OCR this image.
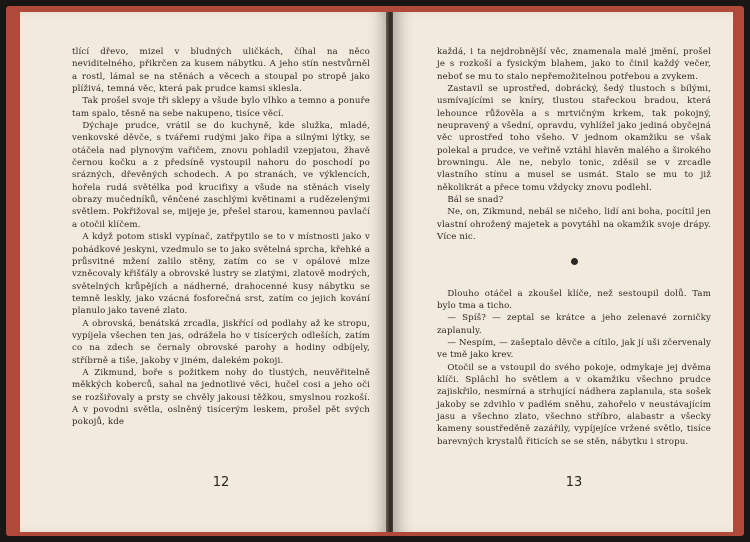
tlící dřevo, mizel v bludných uličkách, číhal na něco neviditelného, přikrčen za kusem nábytku. A jeho stín nestvůrněl a rostl, lámal se na stěnách a věcech a stoupal po stropě jako plíživá, temná věc, která pak prudce kamsi sklesla.

Tak prošel svoje tři sklepy a všude bylo vlhko a temno a ponuře tam spalo, těsně na sebe nakupeno, tisíce věcí.

Dýchaje prudce, vrátil se do kuchyně, kde služka, mladé, venkovské děvče, s tvářemi rudými jako řípa a silnými lýtky, se otáčela nad plynovým vařičem, znovu pohladil vzepjatou, žhavě černou kočku a z předsíně vystoupil nahoru do poschodí po srázných, dřevěných schodech. A po stranách, ve výklencích, hořela rudá světélka pod krucifixy a všude na stěnách visely obrazy mučedníků, věnčené zaschlými květinami a rudězelenými světlem. Pokřižoval se, mijeje je, přešel starou, kamennou pavlačí a otočil klíčem.

A když potom stiskl vypínač, zatřpytilo se to v místnosti jako v pohádkové jeskyni, vzedmulo se to jako světelná sprcha, křehké a průsvitné mžení zalilo stěny, zatím co se v opálové mlze vzněcovaly křišťály a obrovské lustry se zlatými, zlatově modrých, světelných krůpějích a nádherné, drahocenné kusy nábytku se temně leskly, jako vzácná fosforečná srst, zatím co jejich kování planulo jako tavené zlato.

A obrovská, benátská zrcadla, jiskřící od podlahy až ke stropu, vypíjela všechen ten jas, odrážela ho v tisícerých odleších, zatím co na zdech se černaly obrovské parohy a hodiny odbíjely, stříbrně a tiše, jakoby v jiném, dalekém pokoji.

A Zikmund, boře s požitkem nohy do tlustých, neuvěřitelně měkkých koberců, sahal na jednotlivé věci, hučel cosi a jeho oči se rozšiřovaly a prsty se chvěly jakousi těžkou, smyslnou rozkoší. A v povodni světla, oslněný tisícerým leskem, prošel pět svých pokojů, kde

12

každá, i ta nejdrobnější věc, znamenala malé jmění, prošel je s rozkoší a fysickým blahem, jako to činil každý večer, neboť se mu to stalo nepřemožitelnou potřebou a zvykem.

Zastavil se uprostřed, dobrácký, šedý tlustoch s bílými, usmívajícími se kníry, tlustou stařeckou bradou, která lehounce růžověla a s mrtvičným krkem, tak pokojný, neupravený a všední, opravdu, vyhlížel jako jediná obyčejná věc uprostřed toho všeho. V jednom okamžiku se však polekal a prudce, ve veřině vztáhl hlavěn malého a širokého browningu. Ale ne, nebylo tonic, zděsil se v zrcadle vlastního stínu a musel se usmát. Stalo se mu to již několikrát a přece tomu vždycky znovu podlehl.

Bál se snad?

Ne, on, Zikmund, nebál se ničeho, lidí ani boha, pocítil jen vlastní ohrožený majetek a povytáhl na okamžik svoje drápy. Více nic.

Dlouho otáčel a zkoušel klíče, než sestoupil dolů. Tam bylo tma a ticho.

— Spíš? — zeptal se krátce a jeho zelenavé zorničky zaplanuly.

— Nespím, — zašeptalo děvče a cítilo, jak jí uši zčervenaly ve tmě jako krev.

Otočil se a vstoupil do svého pokoje, odmykaje jej dvěma klíči. Splâchl ho světlem a v okamžiku všechno prudce zajiskřilo, nesmírná a strhující nádhera zaplanula, sta sošek jakoby se zdvihlo v padlém sněhu, zahořelo v neustávajícím jasu a všechno zlato, všechno stříbro, alabastr a všecky kameny soustředěně zazářily, vypíjejíce vržené světlo, tisíce barevných krystalů řiticích se se stěn, nábytku i stropu.

13
